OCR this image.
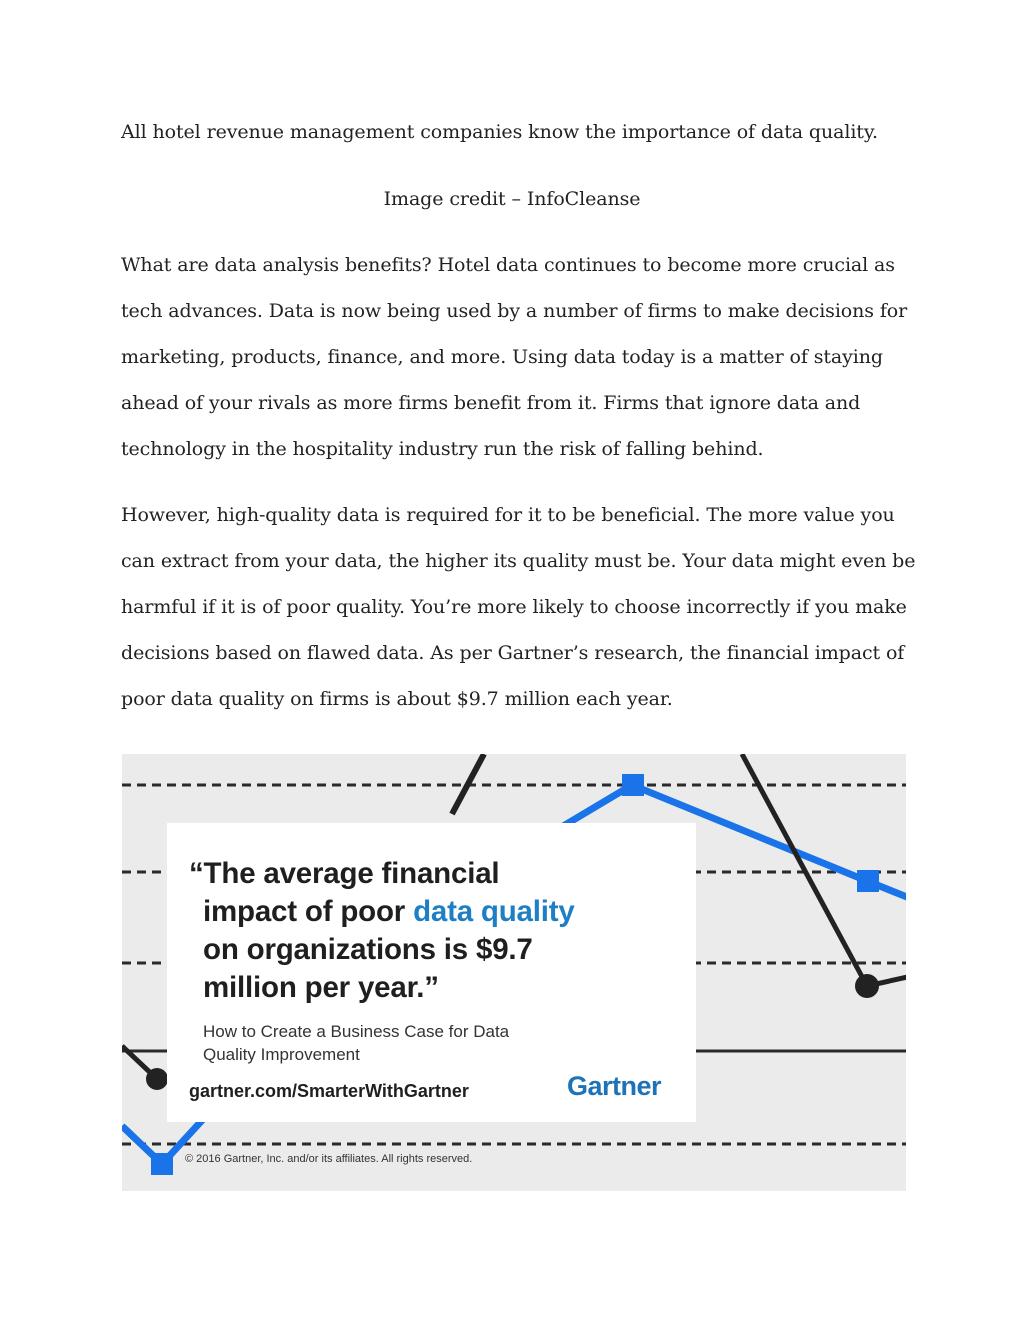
All hotel revenue management companies know the importance of data quality.
Image credit – InfoCleanse
What are data analysis benefits? Hotel data continues to become more crucial as
tech advances. Data is now being used by a number of firms to make decisions for
marketing, products, finance, and more. Using data today is a matter of staying
ahead of your rivals as more firms benefit from it. Firms that ignore data and
technology in the hospitality industry run the risk of falling behind.
However, high-quality data is required for it to be beneficial. The more value you
can extract from your data, the higher its quality must be. Your data might even be
harmful if it is of poor quality. You’re more likely to choose incorrectly if you make
decisions based on flawed data. As per Gartner’s research, the financial impact of
poor data quality on firms is about $9.7 million each year.
“The average financial
impact of poor data quality
on organizations is $9.7
million per year.”
How to Create a Business Case for Data
Quality Improvement
gartner.com/SmarterWithGartner	Gartner
© 2016 Gartner, Inc. and/or its affiliates. All rights reserved.
